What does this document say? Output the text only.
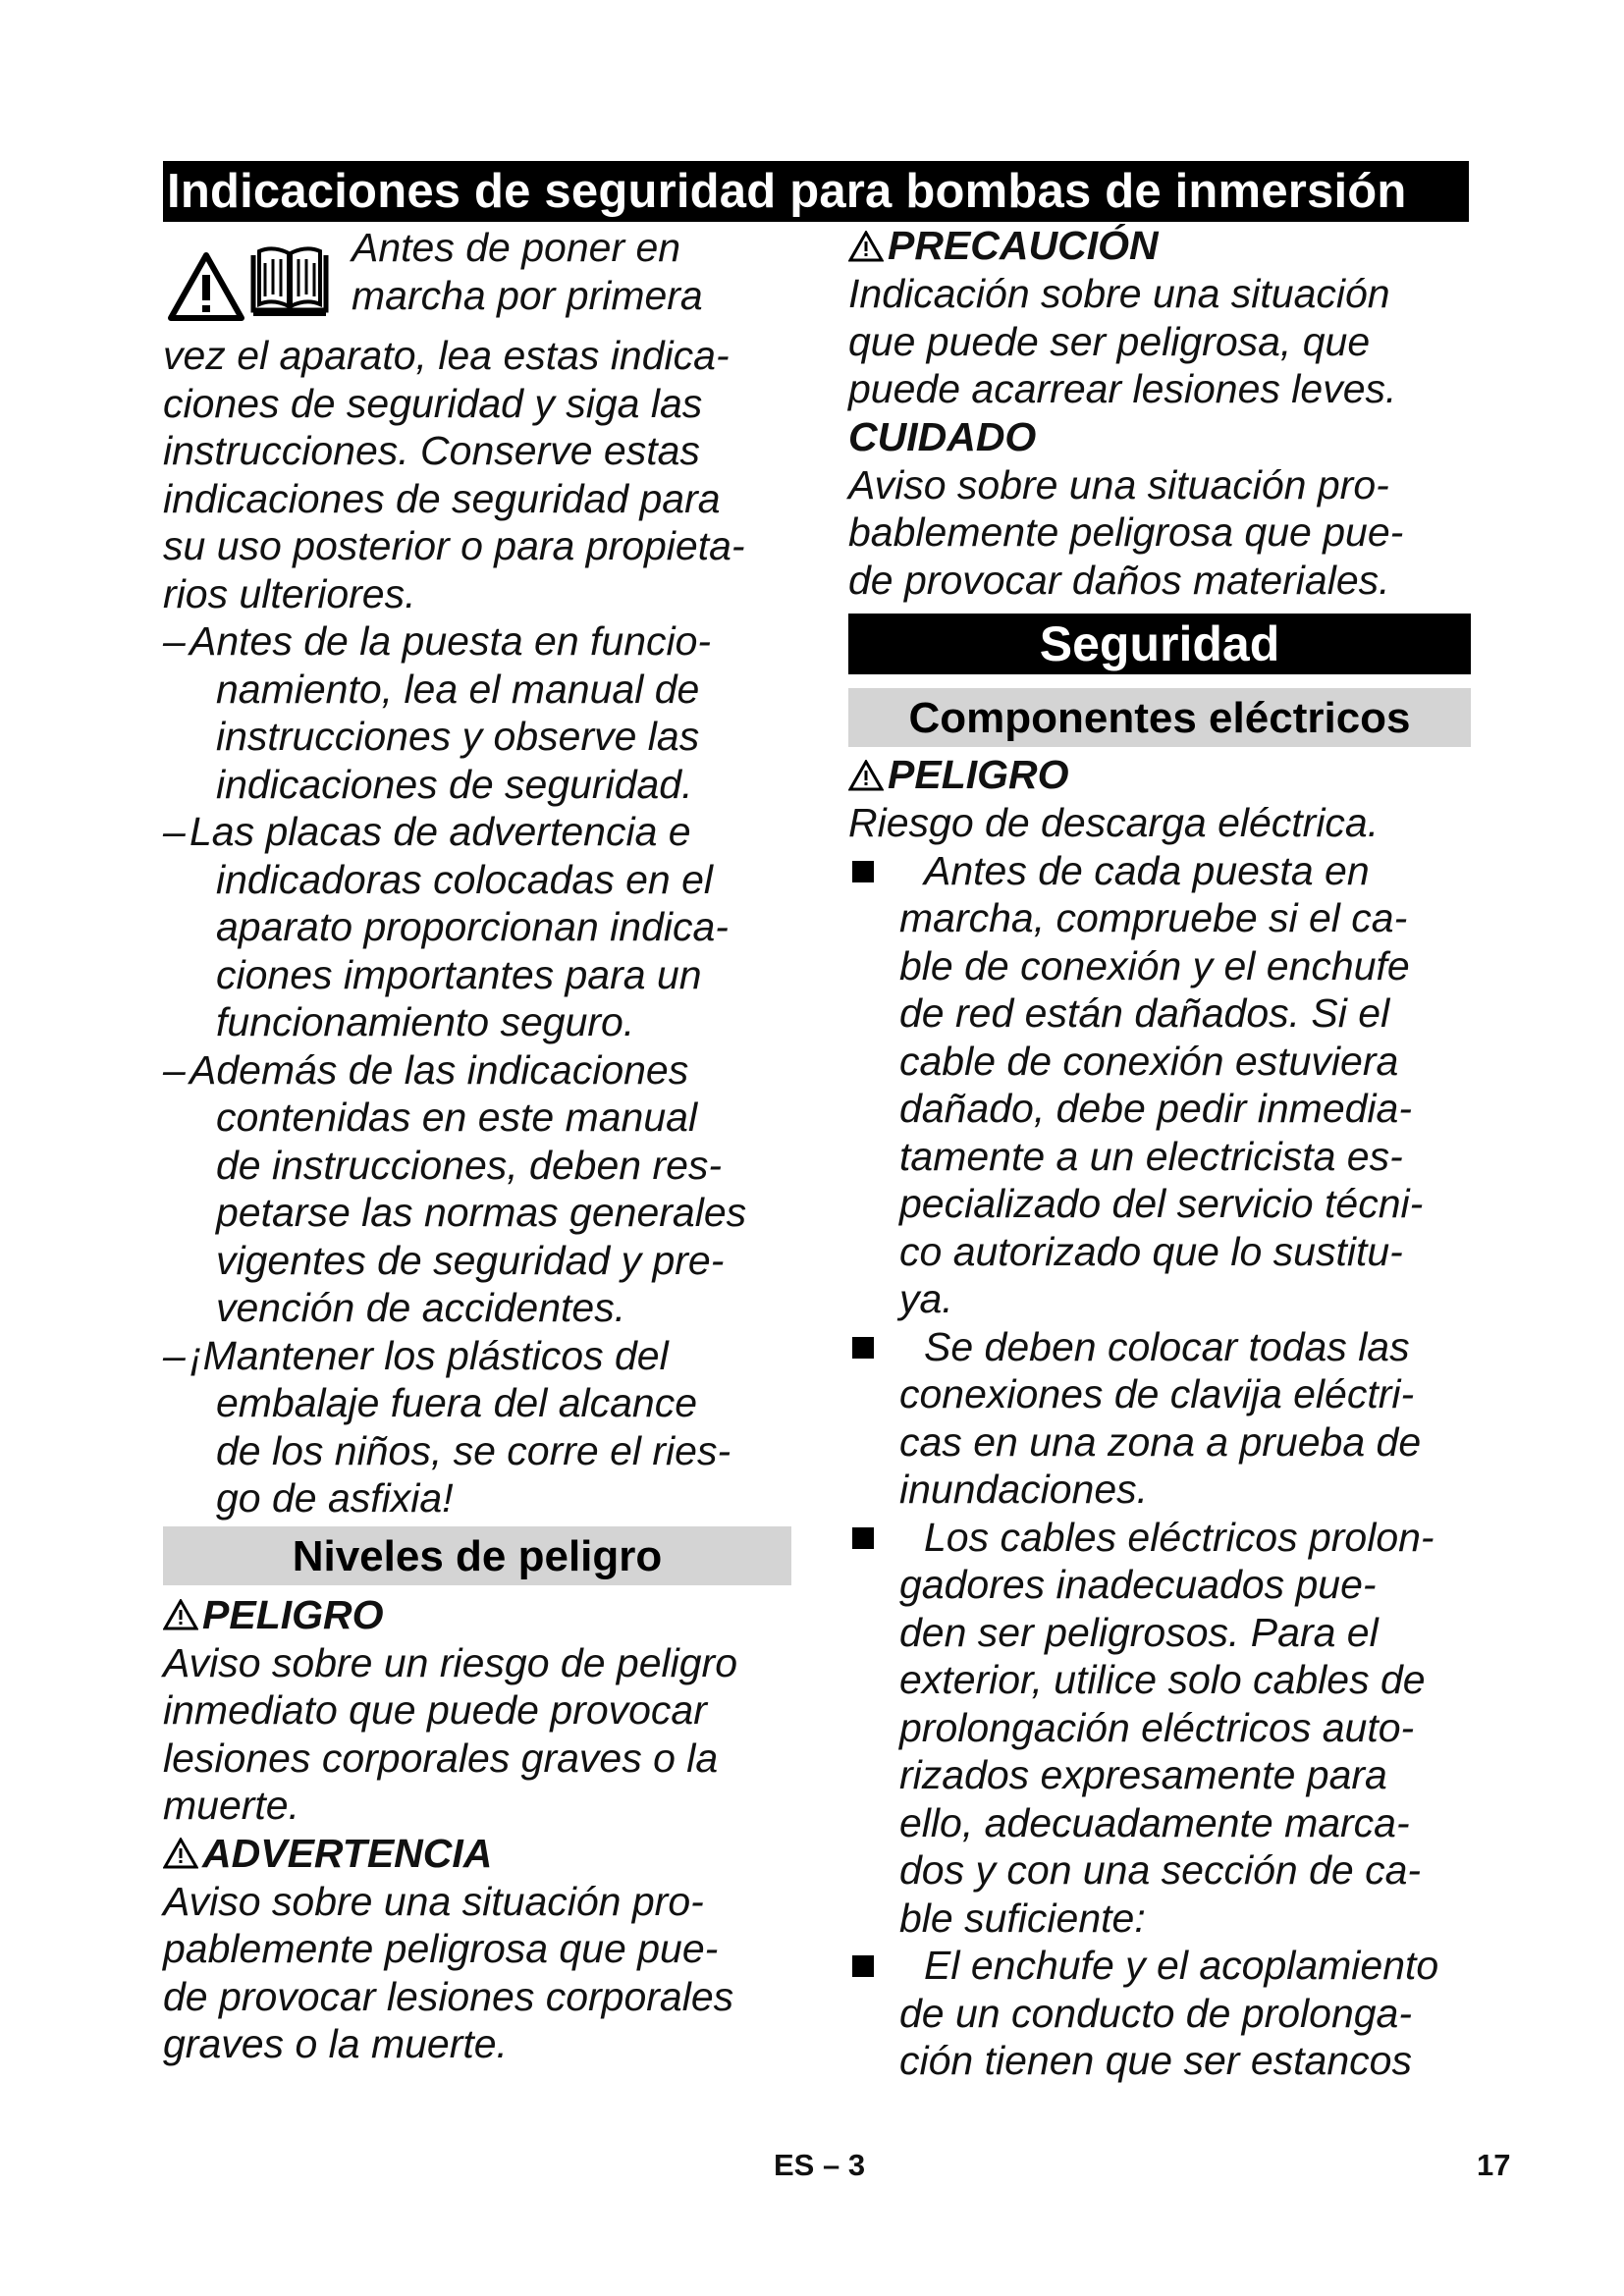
Indicaciones de seguridad para bombas de inmersión
Antes de poner en
marcha por primera
vez el aparato, lea estas indica-
ciones de seguridad y siga las
instrucciones. Conserve estas
indicaciones de seguridad para
su uso posterior o para propieta-
rios ulteriores.
– Antes de la puesta en funcio-
namiento, lea el manual de
instrucciones y observe las
indicaciones de seguridad.
– Las placas de advertencia e
indicadoras colocadas en el
aparato proporcionan indica-
ciones importantes para un
funcionamiento seguro.
– Además de las indicaciones
contenidas en este manual
de instrucciones, deben res-
petarse las normas generales
vigentes de seguridad y pre-
vención de accidentes.
– ¡Mantener los plásticos del
embalaje fuera del alcance
de los niños, se corre el ries-
go de asfixia!
Niveles de peligro
PELIGRO
Aviso sobre un riesgo de peligro
inmediato que puede provocar
lesiones corporales graves o la
muerte.
ADVERTENCIA
Aviso sobre una situación pro-
pablemente peligrosa que pue-
de provocar lesiones corporales
graves o la muerte.
PRECAUCIÓN
Indicación sobre una situación
que puede ser peligrosa, que
puede acarrear lesiones leves.
CUIDADO
Aviso sobre una situación pro-
bablemente peligrosa que pue-
de provocar daños materiales.
Seguridad
Componentes eléctricos
PELIGRO
Riesgo de descarga eléctrica.
Antes de cada puesta en
marcha, compruebe si el ca-
ble de conexión y el enchufe
de red están dañados. Si el
cable de conexión estuviera
dañado, debe pedir inmedia-
tamente a un electricista es-
pecializado del servicio técni-
co autorizado que lo sustitu-
ya.
Se deben colocar todas las
conexiones de clavija eléctri-
cas en una zona a prueba de
inundaciones.
Los cables eléctricos prolon-
gadores inadecuados pue-
den ser peligrosos. Para el
exterior, utilice solo cables de
prolongación eléctricos auto-
rizados expresamente para
ello, adecuadamente marca-
dos y con una sección de ca-
ble suficiente:
El enchufe y el acoplamiento
de un conducto de prolonga-
ción tienen que ser estancos
ES – 3	17
